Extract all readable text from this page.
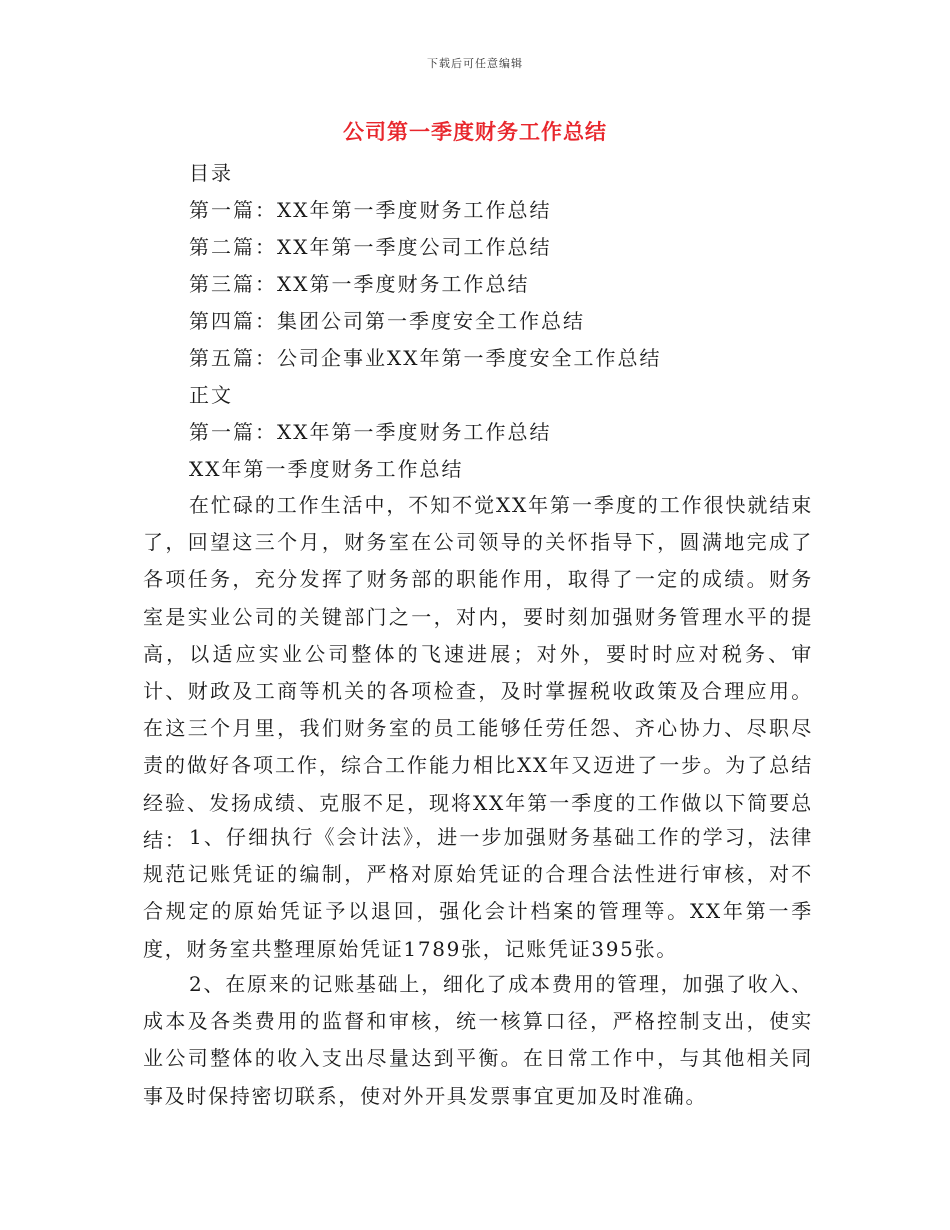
下载后可任意编辑
公司第一季度财务工作总结
目录
第一篇：XX年第一季度财务工作总结
第二篇：XX年第一季度公司工作总结
第三篇：XX第一季度财务工作总结
第四篇：集团公司第一季度安全工作总结
第五篇：公司企事业XX年第一季度安全工作总结
正文
第一篇：XX年第一季度财务工作总结
XX年第一季度财务工作总结

在忙碌的工作生活中，不知不觉XX年第一季度的工作很快就结束了，回望这三个月，财务室在公司领导的关怀指导下，圆满地完成了各项任务，充分发挥了财务部的职能作用，取得了一定的成绩。财务室是实业公司的关键部门之一，对内，要时刻加强财务管理水平的提高，以适应实业公司整体的飞速进展；对外，要时时应对税务、审计、财政及工商等机关的各项检查，及时掌握税收政策及合理应用。在这三个月里，我们财务室的员工能够任劳任怨、齐心协力、尽职尽责的做好各项工作，综合工作能力相比XX年又迈进了一步。为了总结经验、发扬成绩、克服不足，现将XX年第一季度的工作做以下简要总结： 1、仔细执行《会计法》，进一步加强财务基础工作的学习，法律规范记账凭证的编制，严格对原始凭证的合理合法性进行审核，对不合规定的原始凭证予以退回，强化会计档案的管理等。XX年第一季度，财务室共整理原始凭证1789张，记账凭证395张。

2、在原来的记账基础上，细化了成本费用的管理，加强了收入、成本及各类费用的监督和审核，统一核算口径，严格控制支出，使实业公司整体的收入支出尽量达到平衡。在日常工作中，与其他相关同事及时保持密切联系，使对外开具发票事宜更加及时准确。
